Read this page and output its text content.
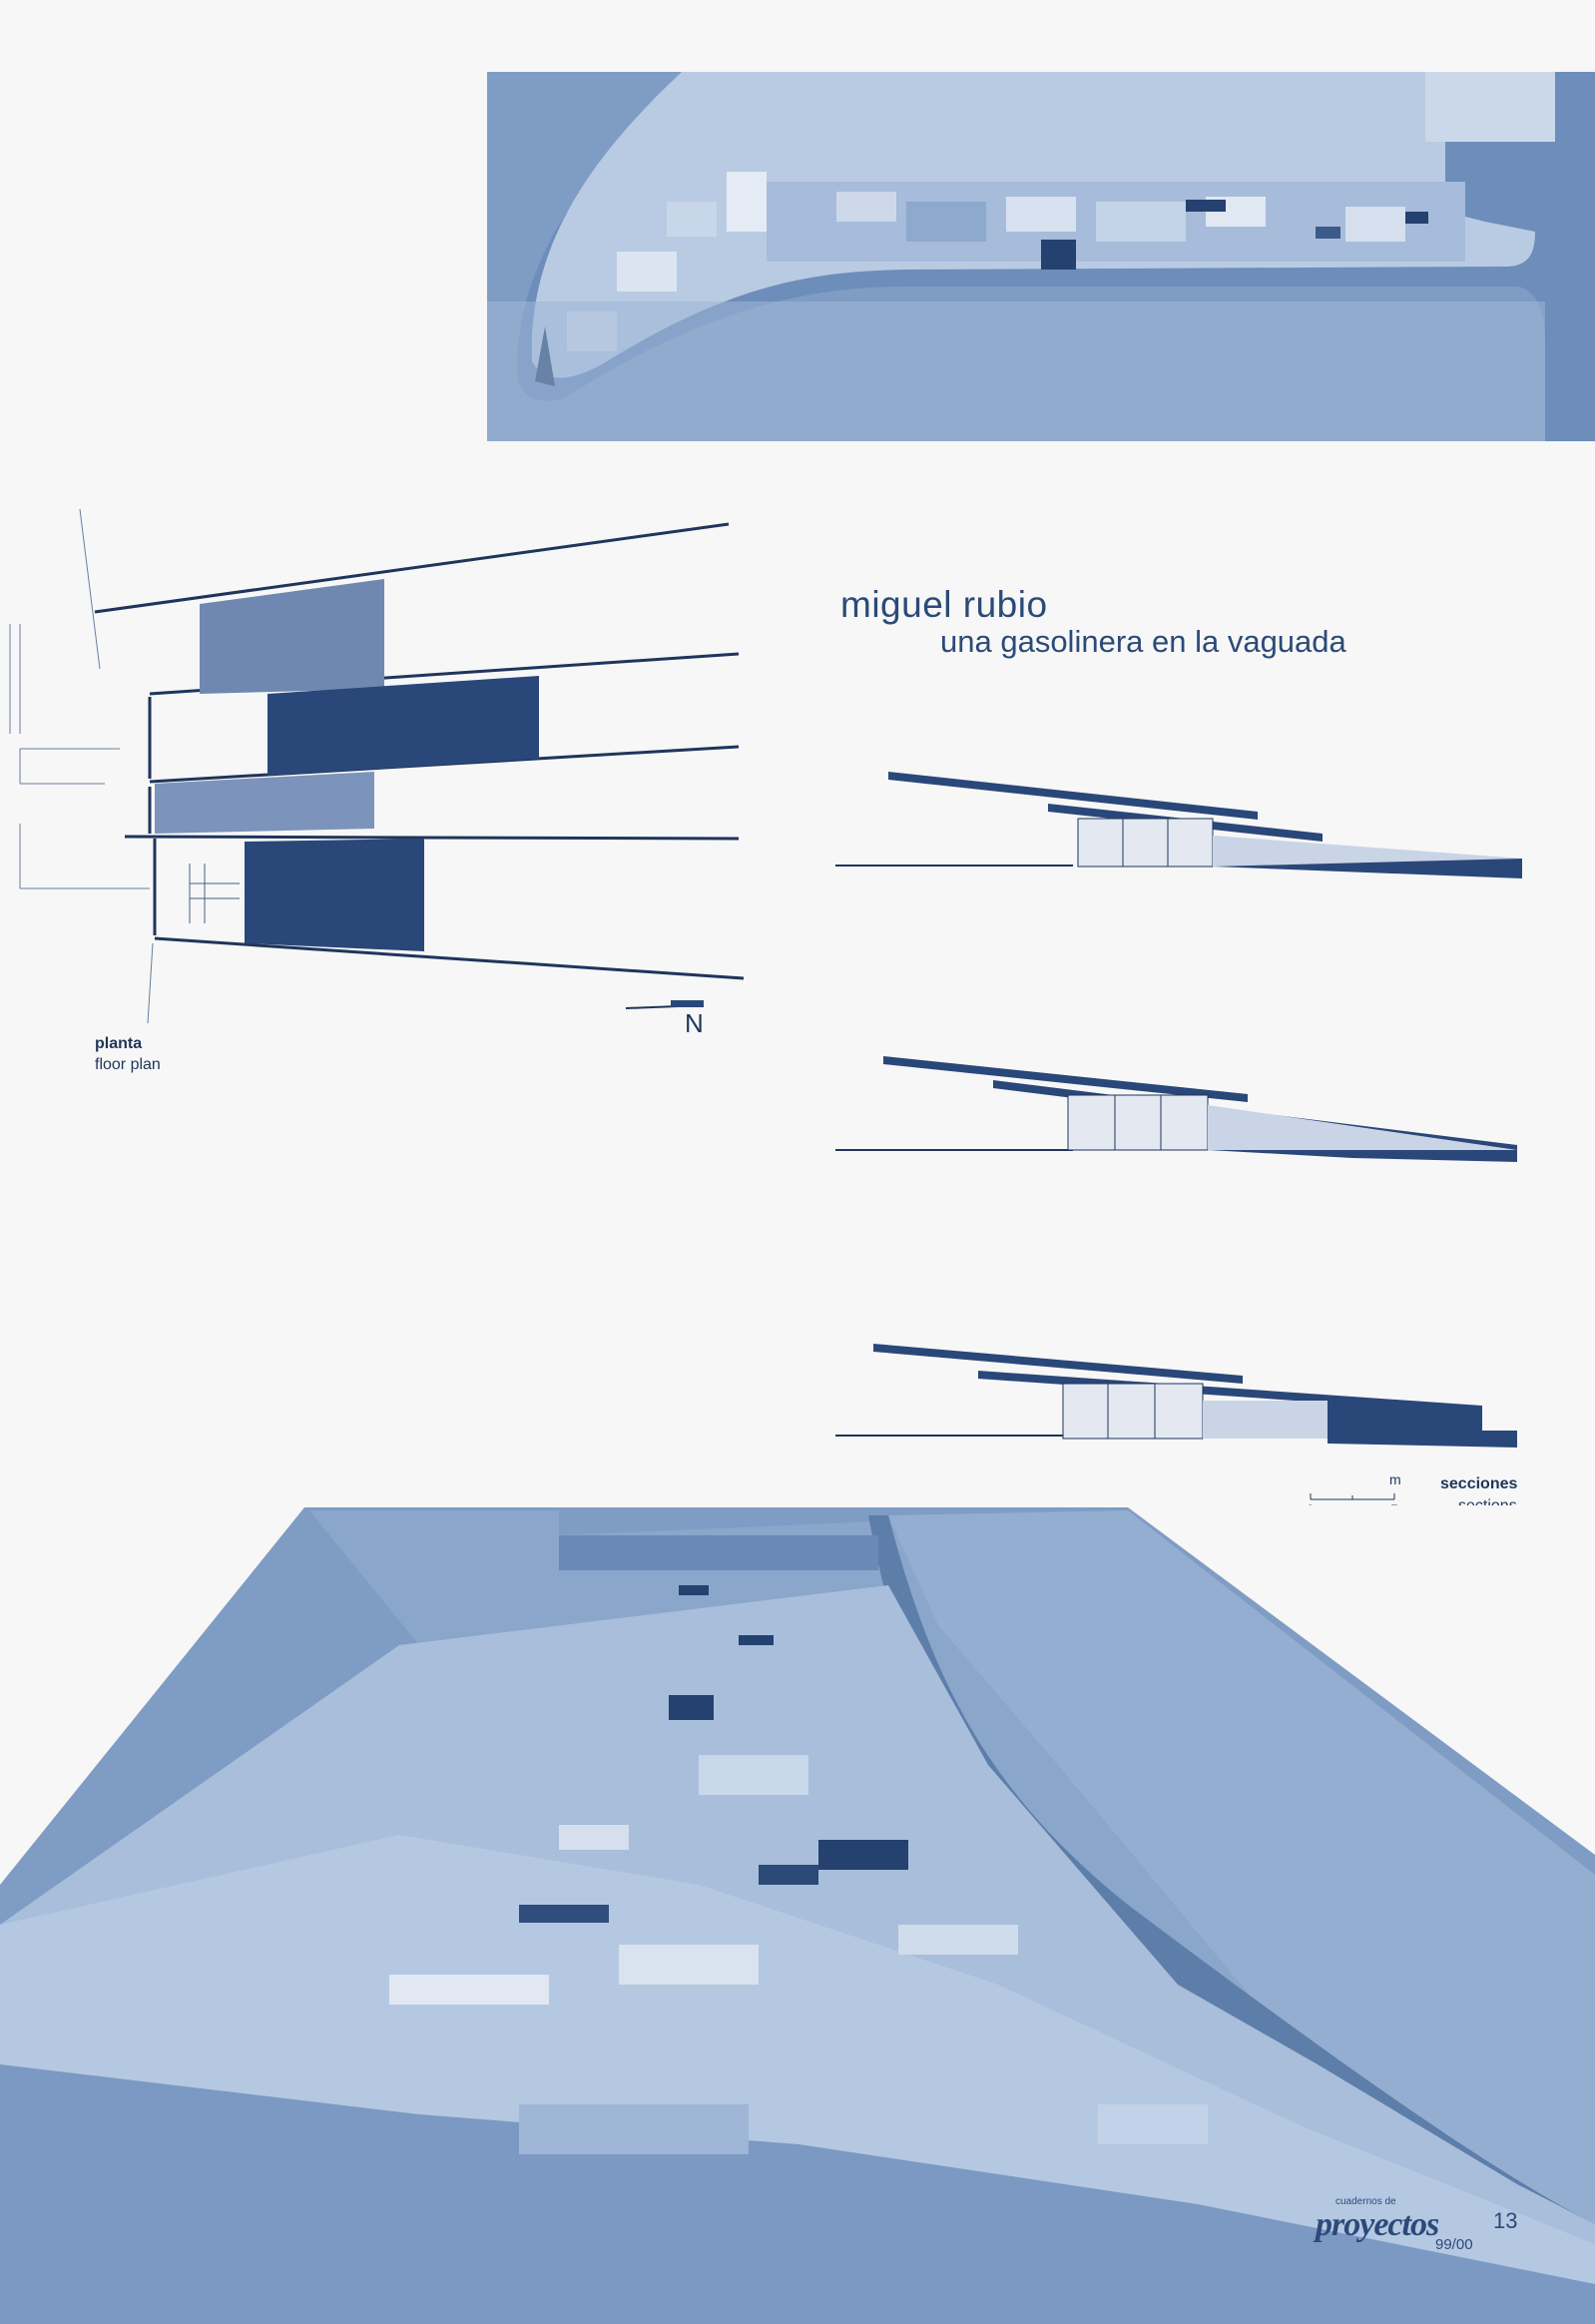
N
planta
floor plan
miguel rubio
una gasolinera en la vaguada
m secciones
cuadernos de
proyectos 13
99/00
